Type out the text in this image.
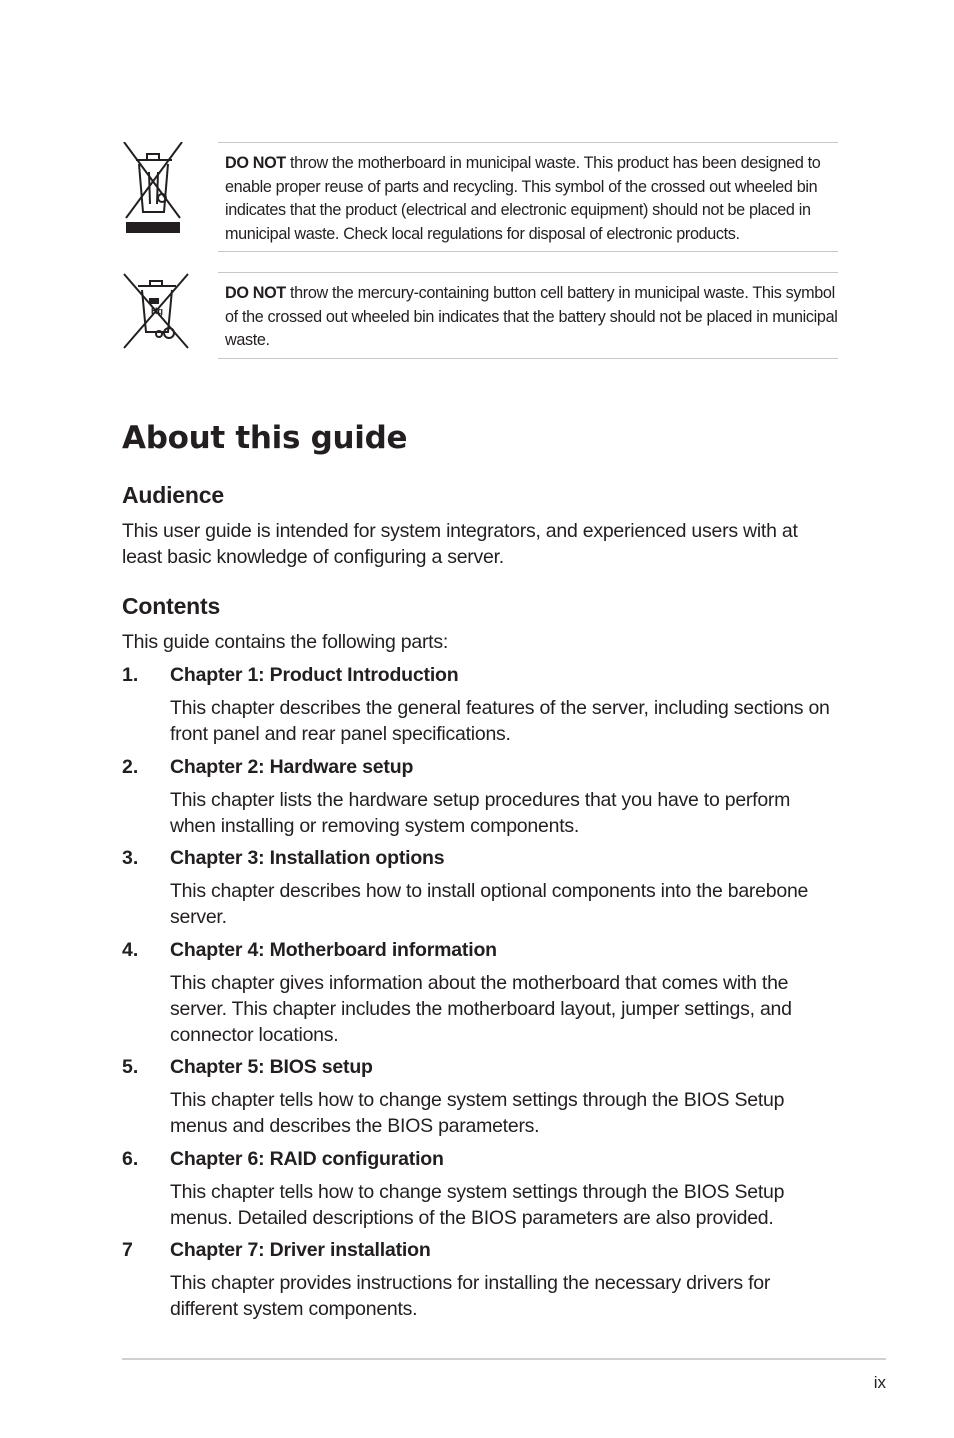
DO NOT throw the motherboard in municipal waste. This product has been designed to enable proper reuse of parts and recycling. This symbol of the crossed out wheeled bin indicates that the product (electrical and electronic equipment) should not be placed in municipal waste. Check local regulations for disposal of electronic products.
Hg
DO NOT throw the mercury-containing button cell battery in municipal waste. This symbol of the crossed out wheeled bin indicates that the battery should not be placed in municipal waste.
About this guide
Audience

This user guide is intended for system integrators, and experienced users with at least basic knowledge of configuring a server.

Contents

This guide contains the following parts:

1. Chapter 1: Product Introduction
This chapter describes the general features of the server, including sections on front panel and rear panel specifications.
2. Chapter 2: Hardware setup
This chapter lists the hardware setup procedures that you have to perform when installing or removing system components.
3. Chapter 3: Installation options
This chapter describes how to install optional components into the barebone server.
4. Chapter 4: Motherboard information
This chapter gives information about the motherboard that comes with the server. This chapter includes the motherboard layout, jumper settings, and connector locations.
5. Chapter 5: BIOS setup
This chapter tells how to change system settings through the BIOS Setup menus and describes the BIOS parameters.
6. Chapter 6: RAID configuration
This chapter tells how to change system settings through the BIOS Setup menus. Detailed descriptions of the BIOS parameters are also provided.
7 Chapter 7: Driver installation
This chapter provides instructions for installing the necessary drivers for different system components.
ix
